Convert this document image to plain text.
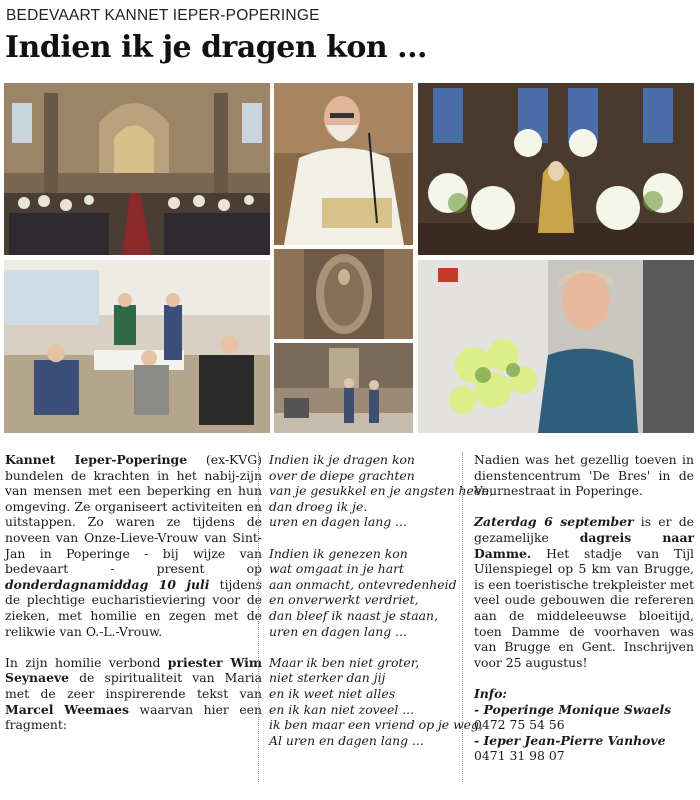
BEDEVAART KANNET IEPER-POPERINGE
Indien ik je dragen kon ...

Kannet Ieper-Poperinge (ex-KVG) bundelen de krachten in het nabij-zijn van mensen met een beperking en hun omgeving. Ze organiseert activiteiten en uitstappen. Zo waren ze tijdens de noveen van Onze-Lieve-Vrouw van Sint-Jan in Poperinge - bij wijze van bedevaart - present op donderdagnamiddag 10 juli tijdens de plechtige eucharistieviering voor de zieken, met homilie en zegen met de relikwie van O.-L.-Vrouw.

In zijn homilie verbond priester Wim Seynaeve de spiritualiteit van Maria met de zeer inspirerende tekst van Marcel Weemaes waarvan hier een fragment:

Indien ik je dragen kon
over de diepe grachten
van je gesukkel en je angsten heen,
dan droeg ik je.
uren en dagen lang ...
Indien ik genezen kon
wat omgaat in je hart
aan onmacht, ontevredenheid
en onverwerkt verdriet,
dan bleef ik naast je staan,
uren en dagen lang ...
Maar ik ben niet groter,
niet sterker dan jij
en ik weet niet alles
en ik kan niet zoveel ...
ik ben maar een vriend op je weg,
Al uren en dagen lang ...

Nadien was het gezellig toeven in dienstencentrum 'De Bres' in de Veurnestraat in Poperinge.

Zaterdag 6 september is er de gezamelijke dagreis naar Damme. Het stadje van Tijl Uilenspiegel op 5 km van Brugge, is een toeristische trekpleister met veel oude gebouwen die refereren aan de middeleeuwse bloeitijd, toen Damme de voorhaven was van Brugge en Gent. Inschrijven voor 25 augustus!

Info:
- Poperinge Monique Swaels
0472 75 54 56
- Ieper Jean-Pierre Vanhove
0471 31 98 07
